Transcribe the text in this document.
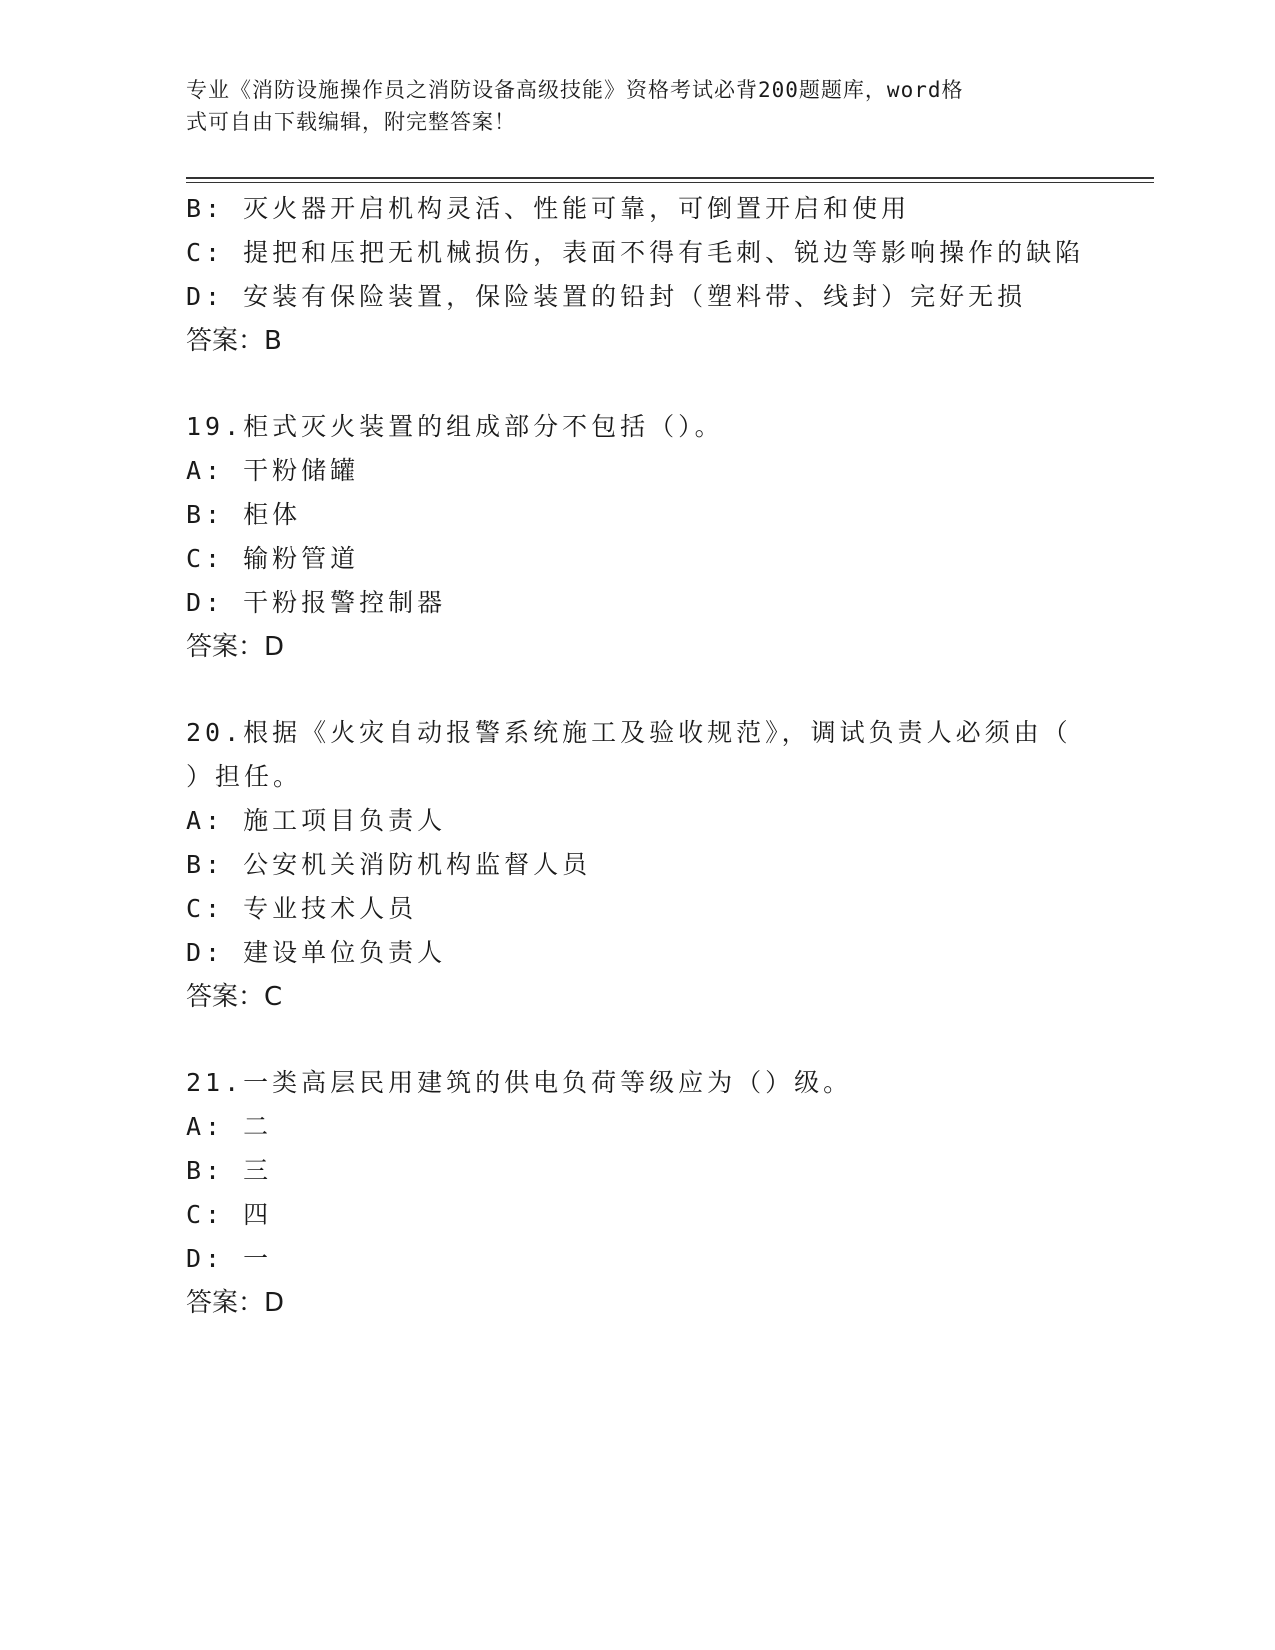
专业《消防设施操作员之消防设备高级技能》资格考试必背200题题库，word格
式可自由下载编辑，附完整答案！
B: 灭火器开启机构灵活、性能可靠，可倒置开启和使用
C: 提把和压把无机械损伤，表面不得有毛刺、锐边等影响操作的缺陷
D: 安装有保险装置，保险装置的铅封（塑料带、线封）完好无损
答案：B
19.柜式灭火装置的组成部分不包括（）。
A: 干粉储罐
B: 柜体
C: 输粉管道
D: 干粉报警控制器
答案：D
20.根据《火灾自动报警系统施工及验收规范》，调试负责人必须由（
）担任。
A: 施工项目负责人
B: 公安机关消防机构监督人员
C: 专业技术人员
D: 建设单位负责人
答案：C
21.一类高层民用建筑的供电负荷等级应为（）级。
A: 二
B: 三
C: 四
D: 一
答案：D
